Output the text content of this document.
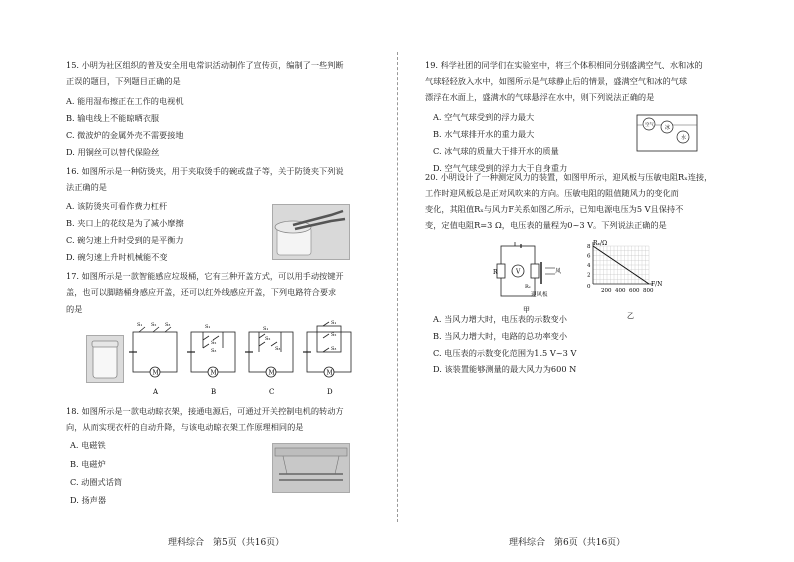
15. 小明为社区组织的普及安全用电常识活动制作了宣传页，编制了一些判断
正误的题目，下列题目正确的是
A. 能用湿布擦正在工作的电视机
B. 输电线上不能晾晒衣服
C. 微波炉的金属外壳不需要接地
D. 用铜丝可以替代保险丝
16. 如图所示是一种防烫夹，用于夹取烫手的碗或盘子等，关于防烫夹下列说
法正确的是
A. 该防烫夹可看作费力杠杆
B. 夹口上的花纹是为了减小摩擦
C. 碗匀速上升时受到的是平衡力
D. 碗匀速上升时机械能不变
17. 如图所示是一款智能感应垃圾桶，它有三种开盖方式，可以用手动按键开
盖，也可以脚踏桶身感应开盖，还可以红外线感应开盖，下列电路符合要求
的是
M
S₁ S₂ S₃
A
M
S₁
S₃
S₂
B
M
S₁
S₂
S₃
C
M
S₁
S₂
S₃
D
18. 如图所示是一款电动晾衣架，接通电源后，可通过开关控制电机的转动方
向，从而实现衣杆的自动升降，与该电动晾衣架工作原理相同的是
A. 电磁铁
B. 电磁炉
C. 动圈式话筒
D. 扬声器
理科综合　第5页（共16页）
19. 科学社团的同学们在实验室中，将三个体积相同分别盛满空气、水和冰的
气球轻轻放入水中，如图所示是气球静止后的情景，盛满空气和冰的气球
漂浮在水面上，盛满水的气球悬浮在水中，则下列说法正确的是
A. 空气气球受到的浮力最大
B. 水气球排开水的重力最大
C. 冰气球的质量大于排开水的质量
D. 空气气球受到的浮力大于自身重力
空气 冰
水
20. 小明设计了一种测定风力的装置，如图甲所示，迎风板与压敏电阻Rₓ连接，
工作时迎风板总是正对风吹来的方向。压敏电阻的阻值随风力的变化而
变化，其阻值Rₓ与风力F关系如图乙所示，已知电源电压为5 V且保持不
变，定值电阻R=3 Ω，电压表的量程为0~3 V。下列说法正确的是
R	V
Rₓ
风
迎风板
甲
Rₓ/Ω
F/N
乙
200 400 600 800
2
4
6
8
0
A. 当风力增大时，电压表的示数变小
B. 当风力增大时，电路的总功率变小
C. 电压表的示数变化范围为1.5 V~3 V
D. 该装置能够测量的最大风力为600 N
理科综合　第6页（共16页）
